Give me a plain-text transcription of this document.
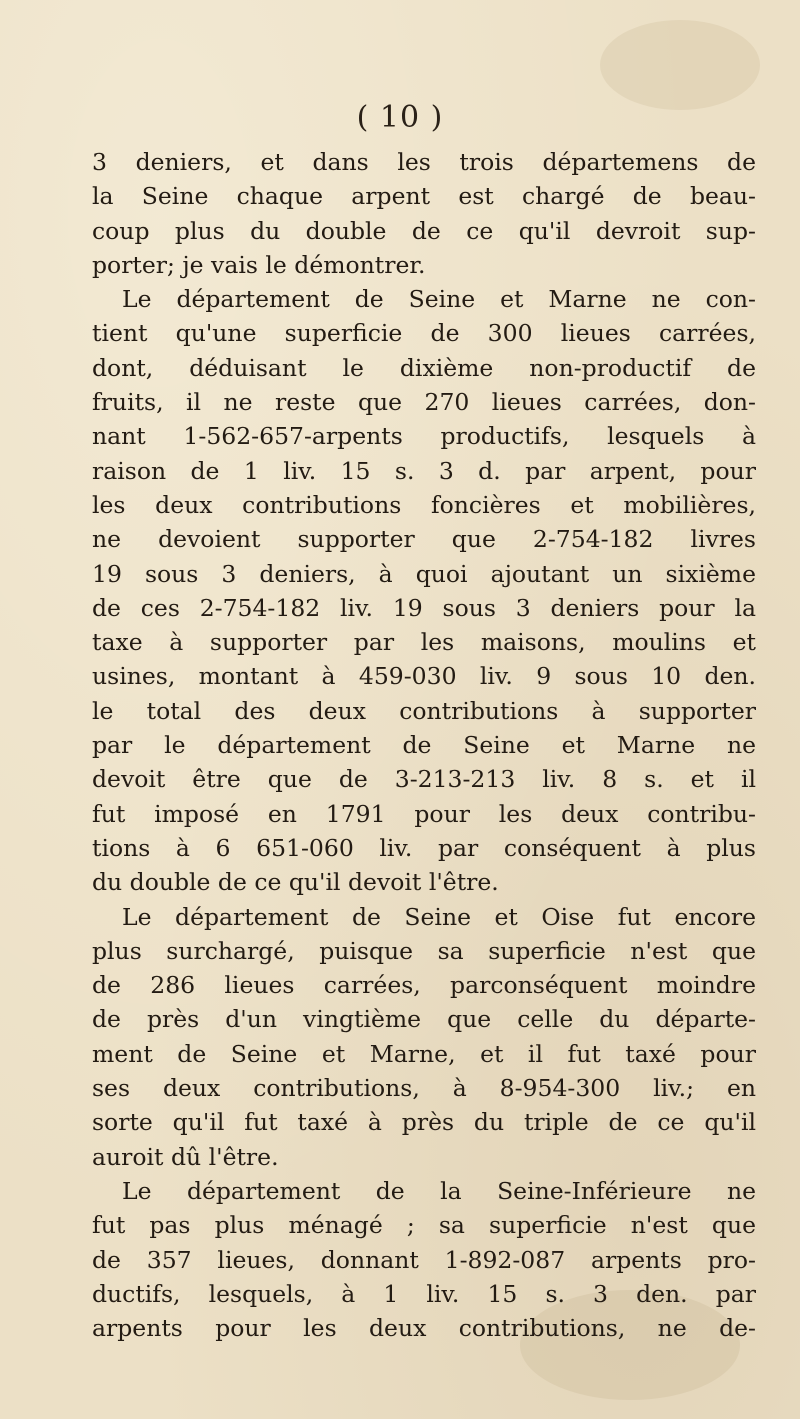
( 10 )
3 deniers, et dans les trois départemens de
la Seine chaque arpent est chargé de beau-
coup plus du double de ce qu'il devroit sup-
porter; je vais le démontrer.
Le département de Seine et Marne ne con-
tient qu'une superficie de 300 lieues carrées,
dont, déduisant le dixième non-productif de
fruits, il ne reste que 270 lieues carrées, don-
nant 1-562-657-arpents productifs, lesquels à
raison de 1 liv. 15 s. 3 d. par arpent, pour
les deux contributions foncières et mobilières,
ne devoient supporter que 2-754-182 livres
19 sous 3 deniers, à quoi ajoutant un sixième
de ces 2-754-182 liv. 19 sous 3 deniers pour la
taxe à supporter par les maisons, moulins et
usines, montant à 459-030 liv. 9 sous 10 den.
le total des deux contributions à supporter
par le département de Seine et Marne ne
devoit être que de 3-213-213 liv. 8 s. et il
fut imposé en 1791 pour les deux contribu-
tions à 6 651-060 liv. par conséquent à plus
du double de ce qu'il devoit l'être.
Le département de Seine et Oise fut encore
plus surchargé, puisque sa superficie n'est que
de 286 lieues carrées, parconséquent moindre
de près d'un vingtième que celle du départe-
ment de Seine et Marne, et il fut taxé pour
ses deux contributions, à 8-954-300 liv.; en
sorte qu'il fut taxé à près du triple de ce qu'il
auroit dû l'être.
Le département de la Seine-Inférieure ne
fut pas plus ménagé ; sa superficie n'est que
de 357 lieues, donnant 1-892-087 arpents pro-
ductifs, lesquels, à 1 liv. 15 s. 3 den. par
arpents pour les deux contributions, ne de-
